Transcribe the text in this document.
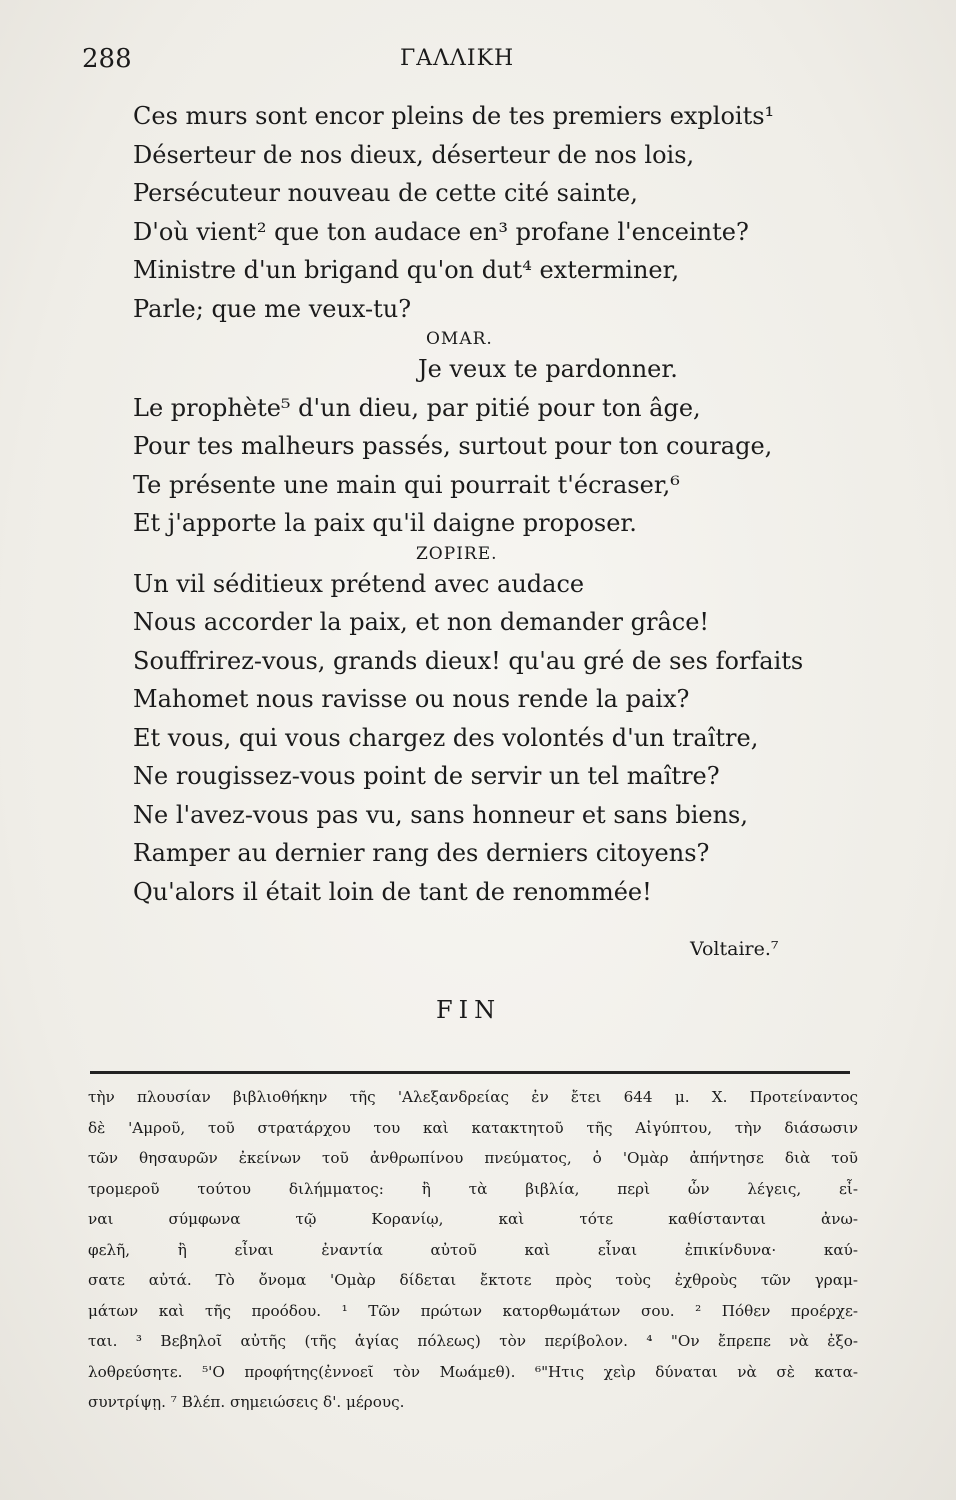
288	ΓΑΛΛΙΚΗ
Ces murs sont encor pleins de tes premiers exploits¹
Déserteur de nos dieux, déserteur de nos lois,
Persécuteur nouveau de cette cité sainte,
D'où vient² que ton audace en³ profane l'enceinte?
Ministre d'un brigand qu'on dut⁴ exterminer,
Parle; que me veux-tu?
OMAR.
Je veux te pardonner.
Le prophète⁵ d'un dieu, par pitié pour ton âge,
Pour tes malheurs passés, surtout pour ton courage,
Te présente une main qui pourrait t'écraser,⁶
Et j'apporte la paix qu'il daigne proposer.
ZOPIRE.
Un vil séditieux prétend avec audace
Nous accorder la paix, et non demander grâce!
Souffrirez-vous, grands dieux! qu'au gré de ses forfaits
Mahomet nous ravisse ou nous rende la paix?
Et vous, qui vous chargez des volontés d'un traître,
Ne rougissez-vous point de servir un tel maître?
Ne l'avez-vous pas vu, sans honneur et sans biens,
Ramper au dernier rang des derniers citoyens?
Qu'alors il était loin de tant de renommée!
Voltaire.⁷
FIN
τὴν πλουσίαν βιβλιοθήκην τῆς 'Αλεξανδρείας ἐν ἔτει 644 μ. Χ. Προτείναντος
δὲ 'Αμροῦ, τοῦ στρατάρχου του καὶ κατακτητοῦ τῆς Αἰγύπτου, τὴν διάσωσιν
τῶν θησαυρῶν ἐκείνων τοῦ ἀνθρωπίνου πνεύματος, ὁ 'Ομὰρ ἀπήντησε διὰ τοῦ
τρομεροῦ τούτου διλήμματος: ἢ τὰ βιβλία, περὶ ὧν λέγεις, εἶ-
ναι σύμφωνα τῷ Κορανίῳ, καὶ τότε καθίστανται ἀνω-
φελῆ, ἢ εἶναι ἐναντία αὐτοῦ καὶ εἶναι ἐπικίνδυνα· καύ-
σατε αὐτά. Τὸ ὄνομα 'Ομὰρ δίδεται ἔκτοτε πρὸς τοὺς ἐχθροὺς τῶν γραμ-
μάτων καὶ τῆς προόδου. ¹ Τῶν πρώτων κατορθωμάτων σου. ² Πόθεν προέρχε-
ται. ³ Βεβηλοῖ αὐτῆς (τῆς ἁγίας πόλεως) τὸν περίβολον. ⁴ "Ον ἔπρεπε νὰ ἐξο-
λοθρεύσητε. ⁵'Ο προφήτης(ἐννοεῖ τὸν Μωάμεθ). ⁶"Ητις χεὶρ δύναται νὰ σὲ κατα-
συντρίψῃ. ⁷ Βλέπ. σημειώσεις δ'. μέρους.
